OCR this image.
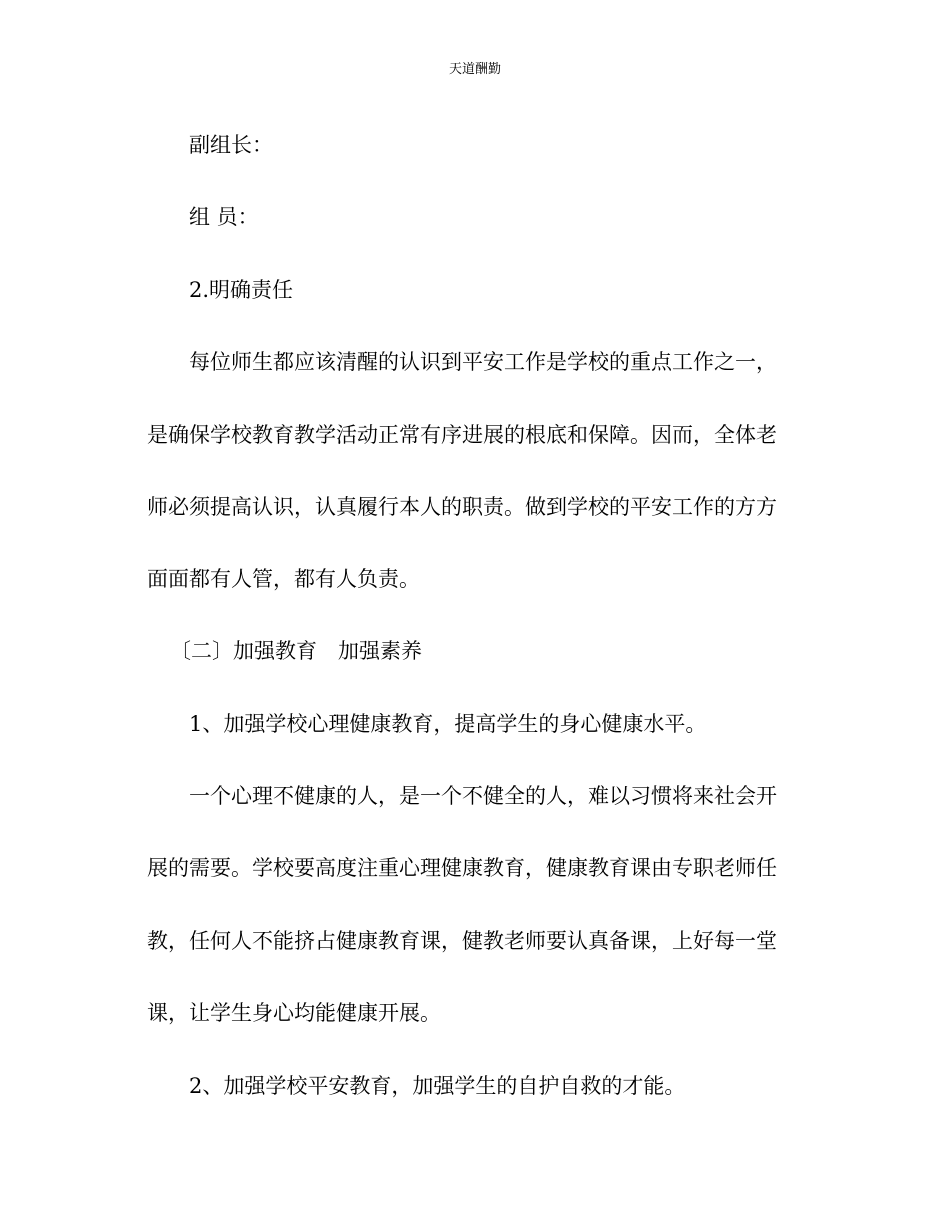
天道酬勤
副组长：
组 员：
2.明确责任
每位师生都应该清醒的认识到平安工作是学校的重点工作之一，
是确保学校教育教学活动正常有序进展的根底和保障。因而，全体老
师必须提高认识，认真履行本人的职责。做到学校的平安工作的方方
面面都有人管，都有人负责。
〔二〕加强教育　加强素养
1、加强学校心理健康教育，提高学生的身心健康水平。
一个心理不健康的人，是一个不健全的人，难以习惯将来社会开
展的需要。学校要高度注重心理健康教育，健康教育课由专职老师任
教，任何人不能挤占健康教育课，健教老师要认真备课，上好每一堂
课，让学生身心均能健康开展。
2、加强学校平安教育，加强学生的自护自救的才能。
